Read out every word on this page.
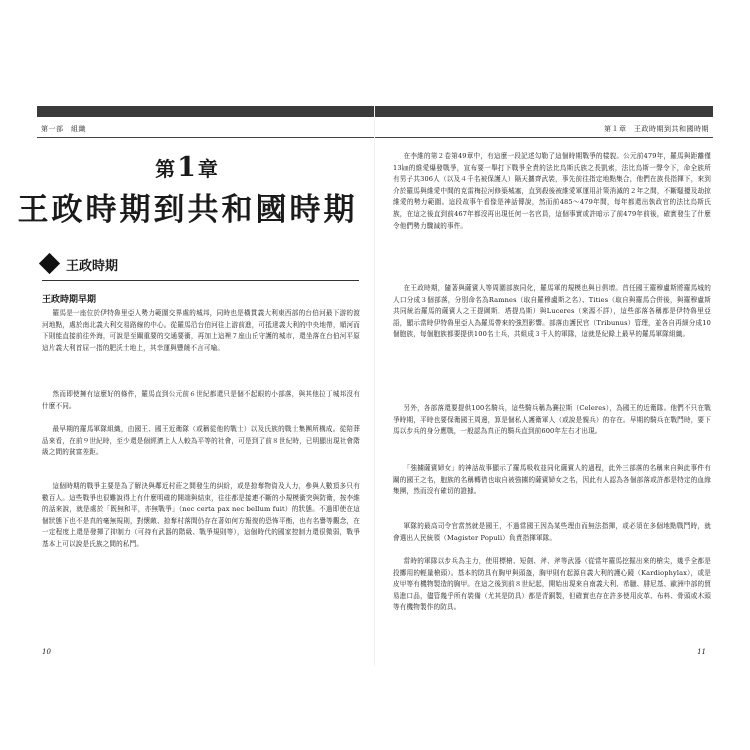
第一部　組織
第1章
王政時期到共和國時期
王政時期
王政時期早期
羅馬是一座位於伊特魯里亞人勢力範圍交界處的城邦，同時也是橫貫義大利東西部的台伯河最下游的渡河地點，處於南北義大利交易路線的中心。從羅馬沿台伯河往上游前進，可抵達義大利的中央地帶，順河而下則能直接前往外海，可說是至關重要的交通要衝，再加上這裡７座山丘守護的城市，還坐落在台伯河平原這片義大利首屈一指的肥沃土地上，其幸運與豐饒不言可喻。
然而即使擁有這麼好的條件，羅馬直到公元前６世紀都還只是個不起眼的小部落，與其他拉丁城邦沒有什麼不同。
最早期的羅馬軍隊組織，由國王、國王近衛隊（或稱從他的戰士）以及氏族的戰士集團所構成。從陪葬品來看，在前９世紀時，至少還是個經濟上人人較為平等的社會，可是到了前８世紀時，已明顯出現社會階級之間的貧富差距。
這個時期的戰爭主要是為了解決與鄰近村莊之間發生的糾紛，或是掠奪物資及人力，參與人數頂多只有數百人。這些戰爭也很難說得上有什麼明確的開端與結束，往往都是接連不斷的小規模衝突與防衛，按李維的話來說，就是處於「既無和平，亦無戰爭」（nec certa pax nec bellum fuit）的狀態。不過即使在這個狀態下也不是真的毫無規則，對懷敵、掠奪村落間仍存在著如何方報復的恐怖平衡，也有名譽等觀念，在一定程度上還是發揮了抑制力（可持有武器的階級、戰爭規則等），這個時代的國家控制力還很微弱，戰爭基本上可以說是氏族之間的私鬥。
10
第１章　王政時期到共和國時期
在李維的第２卷第49章中，有這麼一段記述勾勒了這個時期戰爭的樣貌。公元前479年，羅馬與距離僅13㎞的維愛爆發戰爭，宣布要一舉打下戰爭全責的法比烏斯氏族之長凱索，法比烏斯一聲令下，命全族所有男子共306人（以及４千名被保護人）隔天攜齊武裝，事先前往指定地點集合，他們在族長指揮下，來到介於羅馬與維愛中間的克雷梅拉河修築城塞，直到殺後被維愛軍運用計策消滅的２年之間，不斷騷擾及劫掠維愛的勢力範圍。這段故事午看像是神話傳說，然而前485〜479年間，每年都還出執政官的法比烏斯氏族，在這之後直到前467年都沒再出現任何一名官員，這個事實或許暗示了前479年前後，確實發生了什麼令他們勢力驟減的事件。
在王政時期，隨著與薩賓人等周圍部族同化，羅馬軍的規模也與日俱增。首任國王羅穆盧斯將羅馬城的人口分成３個部落，分別命名為Ramnes（取自羅穆盧斯之名）、Tities（取自與羅馬合併後，與羅穆盧斯共同統治羅馬的薩賓人之王提圖斯．塔提烏斯）與Luceres（來源不詳），這些部落各稱都是伊特魯里亞語，顯示當時伊特魯里亞人為羅馬帶來的強烈影響。部落由護民官（Tribunus）管理，並各自再細分成10個胞族，每個胞族都要提供100名士兵，共組成３千人的軍隊，這就是紀錄上最早的羅馬軍隊組織。
另外，各部落還要提供100名騎兵，這些騎兵稱為賽拉斯（Celeres），為國王的近衛隊。他們不只在戰爭時期，平時也要保衛國王周邊，算是個私人護衛軍人（或說是親兵）的存在。早期的騎兵在戰鬥時，要下馬以步兵的身分應戰，一般認為真正的騎兵直到前600年左右才出現。
「強擄薩賓婦女」的神話故事顯示了羅馬吸收並同化薩賓人的過程，此外三部落的名稱來自與此事件有關的國王之名，胞族的名稱轉借也取自被強擄的薩賓婦女之名，因此有人認為各個部落或許都是特定的血緣集團，然而沒有確切的證據。
軍隊的最高司令官當然就是國王，不過當國王因為某些理由而無法指揮，或必須在多個地點戰鬥時，就會選出人民統領（Magister Populi）負責指揮軍隊。
當時的軍隊以步兵為主力，使用標槍、短劍、斧、斧等武器（從當年羅馬挖掘出來的槍尖，幾乎全都是投擲用的輕量槍頭）。基本的防具有胸甲與頭盔，胸甲則有起源自義大利的護心鏡（Kardiophylax），或是皮甲等有機物製造的胸甲。在這之後到前８世紀起，開始出現來自南義大利、希臘、腓尼基、歐洲中部的貿易進口品，儘管幾乎所有裝備（尤其是防具）都是青銅製，但確實也存在許多使用皮革、布料、骨頭或木頭等有機物製作的防具。
11
